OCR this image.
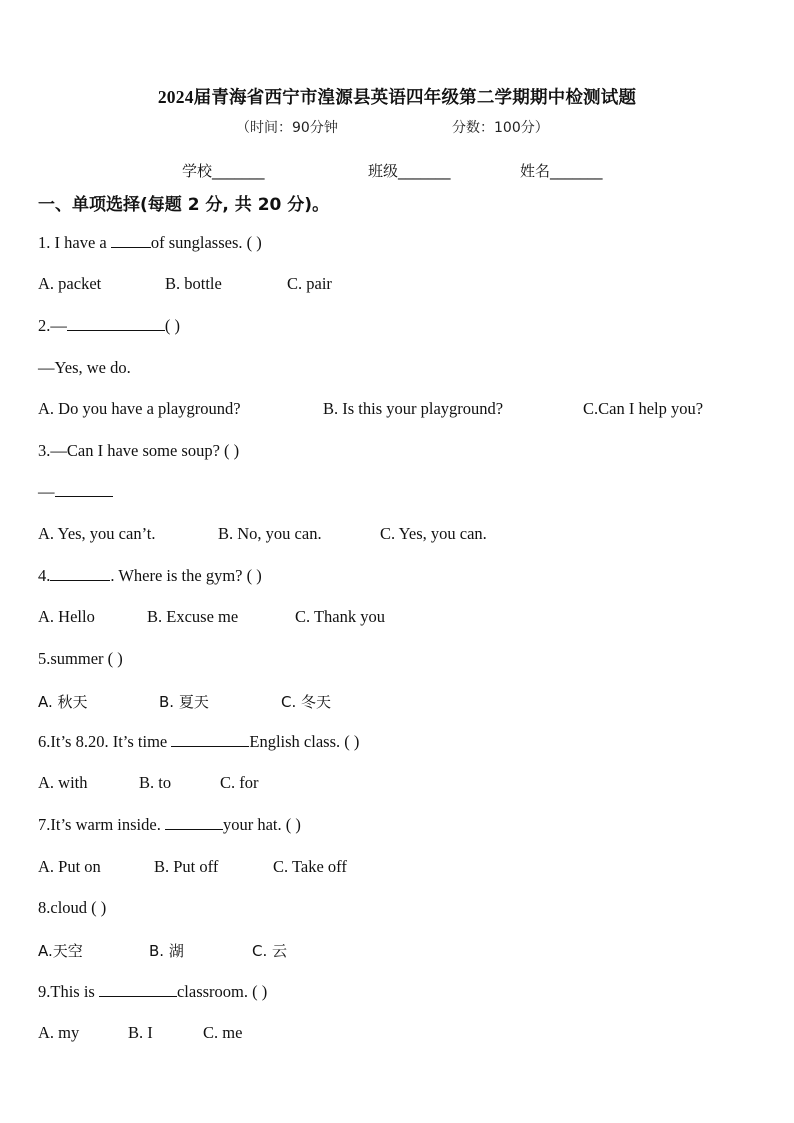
2024届青海省西宁市湟源县英语四年级第二学期期中检测试题
（时间：90分钟	分数：100分）
学校_______	班级_______	姓名_______
一、单项选择(每题 2 分, 共 20 分)。
1. I have a of sunglasses. ( )
A. packet	B. bottle	C. pair
2.—	( )
—Yes, we do.
A. Do you have a playground?	B. Is this your playground?	C.Can I help you?
3.—Can I have some soup? ( )
—
A. Yes, you can’t.	B. No, you can.	C. Yes, you can.
4.	. Where is the gym? ( )
A. Hello	B. Excuse me	C. Thank you
5.summer ( )
A. 秋天	B. 夏天	C. 冬天
6.It’s 8.20. It’s time	English class. ( )
A. with	B. to	C. for
7.It’s warm inside.	your hat. ( )
A. Put on	B. Put off	C. Take off
8.cloud ( )
A.天空	B. 湖	C. 云
9.This is	classroom. ( )
A. my	B. I	C. me
